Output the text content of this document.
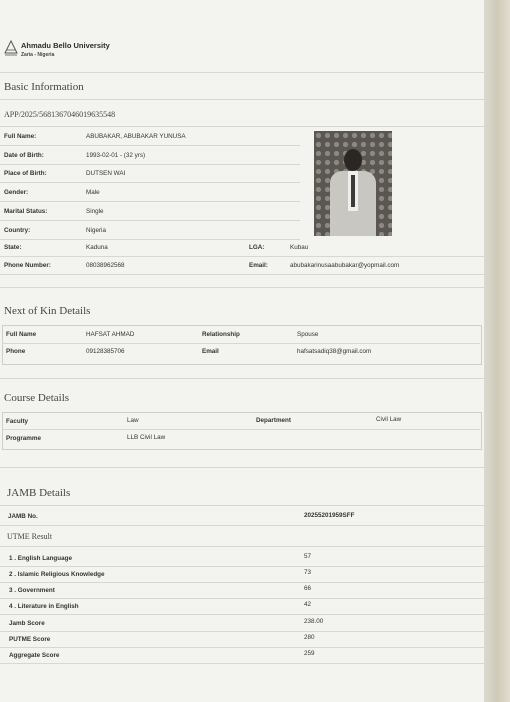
Ahmadu Bello University
Zaria - Nigeria
Basic Information
APP/2025/5681367046019635548
Full Name:	ABUBAKAR, ABUBAKAR YUNUSA
Date of Birth:	1993-02-01 - (32 yrs)
Place of Birth:	DUTSEN WAI
Gender:	Male
Marital Status:	Single
Country:	Nigeria
State:	Kaduna
Phone Number:	08038962568
LGA:	Kubau
Email:	abubakarinusaabubakar@yopmail.com
Next of Kin Details
Full Name	HAFSAT AHMAD	Relationship	Spouse
Phone	09128385706	Email	hafsatsadiq38@gmail.com
Course Details
Faculty	Law	Department	Civil Law
Programme	LLB Civil Law
JAMB Details
JAMB No.	20255201959SFF
UTME Result
1 . English Language	57
2 . Islamic Religious Knowledge	73
3 . Government	66
4 . Literature in English	42
Jamb Score	238.00
PUTME Score	280
Aggregate Score	259
